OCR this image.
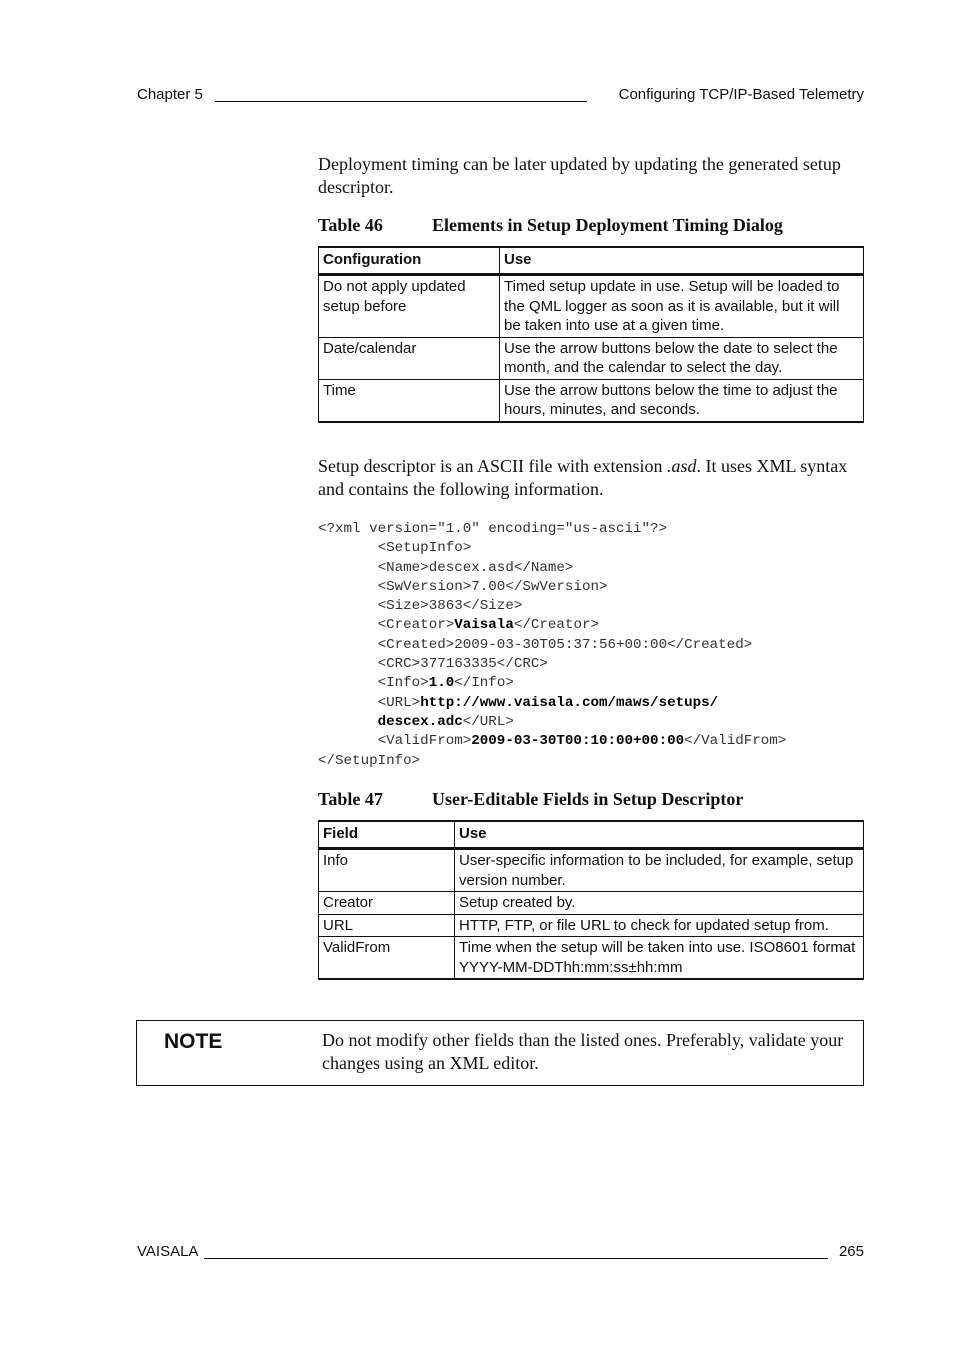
Chapter 5	Configuring TCP/IP-Based Telemetry

Deployment timing can be later updated by updating the generated setup descriptor.

Table 46	Elements in Setup Deployment Timing Dialog
Configuration	Use
Do not apply updated setup before	Timed setup update in use. Setup will be loaded to the QML logger as soon as it is available, but it will be taken into use at a given time.
Date/calendar	Use the arrow buttons below the date to select the month, and the calendar to select the day.
Time	Use the arrow buttons below the time to adjust the hours, minutes, and seconds.

Setup descriptor is an ASCII file with extension .asd. It uses XML syntax and contains the following information.

<?xml version="1.0" encoding="us-ascii"?>
<SetupInfo>
<Name>descex.asd</Name>
<SwVersion>7.00</SwVersion>
<Size>3863</Size>
<Creator>Vaisala</Creator>
<Created>2009-03-30T05:37:56+00:00</Created>
<CRC>377163335</CRC>
<Info>1.0</Info>
<URL>http://www.vaisala.com/maws/setups/
descex.adc</URL>
<ValidFrom>2009-03-30T00:10:00+00:00</ValidFrom>
</SetupInfo>
Table 47	User-Editable Fields in Setup Descriptor
Field	Use
Info	User-specific information to be included, for example, setup version number.
Creator	Setup created by.
URL	HTTP, FTP, or file URL to check for updated setup from.
ValidFrom	Time when the setup will be taken into use. ISO8601 format YYYY-MM-DDThh:mm:ss±hh:mm
NOTE	Do not modify other fields than the listed ones. Preferably, validate your changes using an XML editor.
VAISALA	265
